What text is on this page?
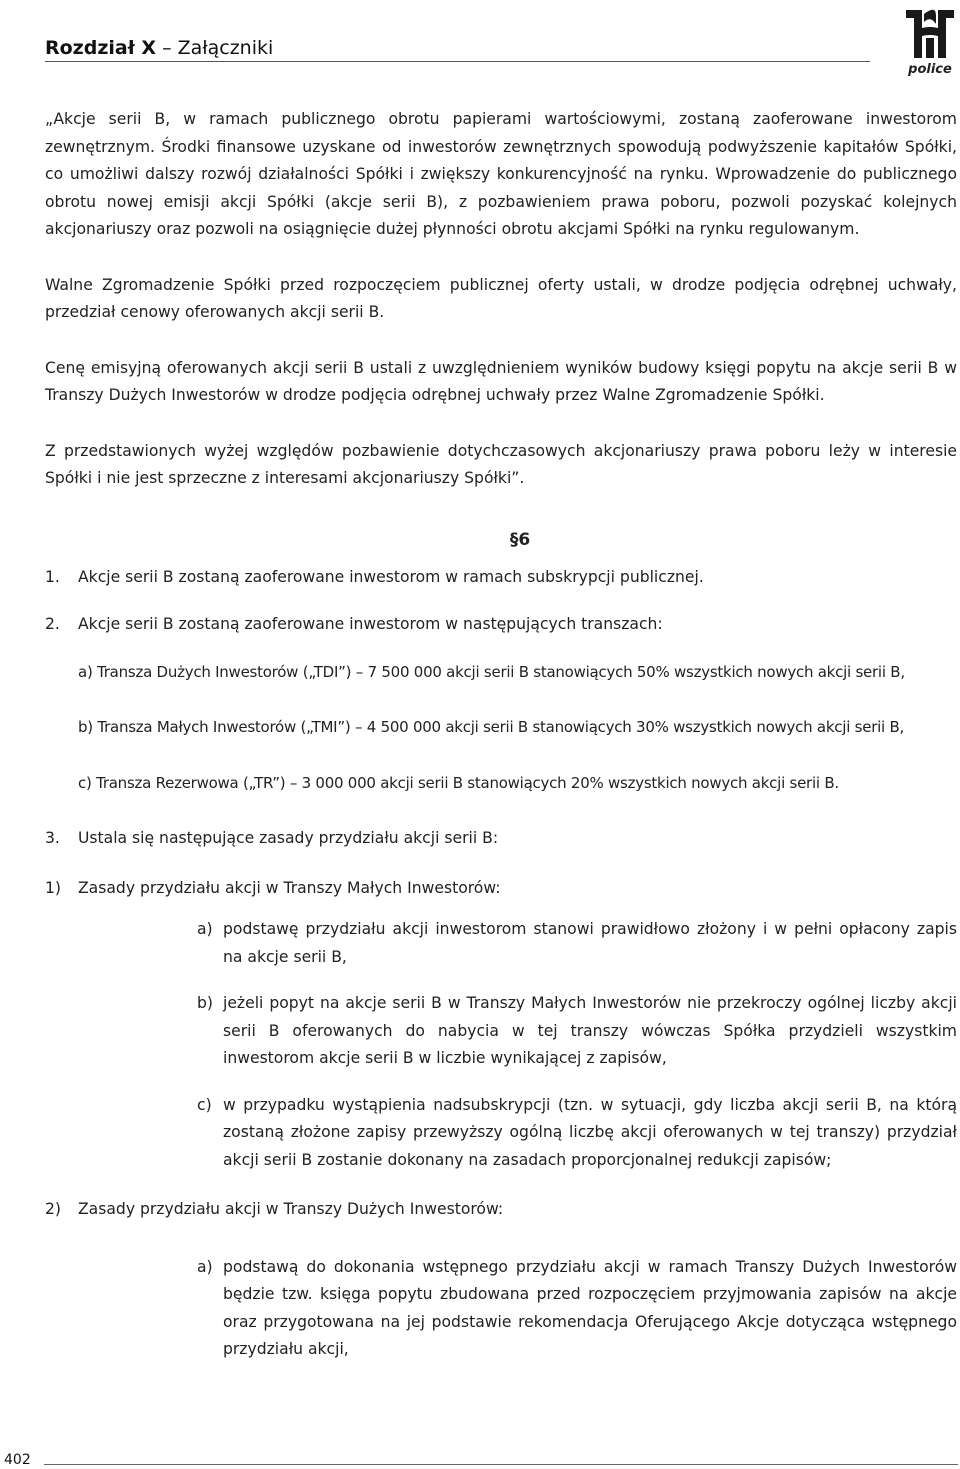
Rozdział X – Załączniki
police

„Akcje serii B, w ramach publicznego obrotu papierami wartościowymi, zostaną zaoferowane inwestorom zewnętrznym. Środki finansowe uzyskane od inwestorów zewnętrznych spowodują podwyższenie kapitałów Spółki, co umożliwi dalszy rozwój działalności Spółki i zwiększy konkurencyjność na rynku. Wprowadzenie do publicznego obrotu nowej emisji akcji Spółki (akcje serii B), z pozbawieniem prawa poboru, pozwoli pozyskać kolejnych akcjonariuszy oraz pozwoli na osiągnięcie dużej płynności obrotu akcjami Spółki na rynku regulowanym.

Walne Zgromadzenie Spółki przed rozpoczęciem publicznej oferty ustali, w drodze podjęcia odrębnej uchwały, przedział cenowy oferowanych akcji serii B.

Cenę emisyjną oferowanych akcji serii B ustali z uwzględnieniem wyników budowy księgi popytu na akcje serii B w Transzy Dużych Inwestorów w drodze podjęcia odrębnej uchwały przez Walne Zgromadzenie Spółki.

Z przedstawionych wyżej względów pozbawienie dotychczasowych akcjonariuszy prawa poboru leży w interesie Spółki i nie jest sprzeczne z interesami akcjonariuszy Spółki”.

§6
1. Akcje serii B zostaną zaoferowane inwestorom w ramach subskrypcji publicznej.
2. Akcje serii B zostaną zaoferowane inwestorom w następujących transzach:

a) Transza Dużych Inwestorów („TDI”) – 7 500 000 akcji serii B stanowiących 50% wszystkich nowych akcji serii B,

b) Transza Małych Inwestorów („TMI”) – 4 500 000 akcji serii B stanowiących 30% wszystkich nowych akcji serii B,

c) Transza Rezerwowa („TR”) – 3 000 000 akcji serii B stanowiących 20% wszystkich nowych akcji serii B.

3. Ustala się następujące zasady przydziału akcji serii B:
1) Zasady przydziału akcji w Transzy Małych Inwestorów:
a) podstawę przydziału akcji inwestorom stanowi prawidłowo złożony i w pełni opłacony zapis na akcje serii B,

b) jeżeli popyt na akcje serii B w Transzy Małych Inwestorów nie przekroczy ogólnej liczby akcji serii B oferowanych do nabycia w tej transzy wówczas Spółka przydzieli wszystkim inwestorom akcje serii B w liczbie wynikającej z zapisów,

c) w przypadku wystąpienia nadsubskrypcji (tzn. w sytuacji, gdy liczba akcji serii B, na którą zostaną złożone zapisy przewyższy ogólną liczbę akcji oferowanych w tej transzy) przydział akcji serii B zostanie dokonany na zasadach proporcjonalnej redukcji zapisów;

2) Zasady przydziału akcji w Transzy Dużych Inwestorów:
a) podstawą do dokonania wstępnego przydziału akcji w ramach Transzy Dużych Inwestorów będzie tzw. księga popytu zbudowana przed rozpoczęciem przyjmowania zapisów na akcje oraz przygotowana na jej podstawie rekomendacja Oferującego Akcje dotycząca wstępnego przydziału akcji,

402
